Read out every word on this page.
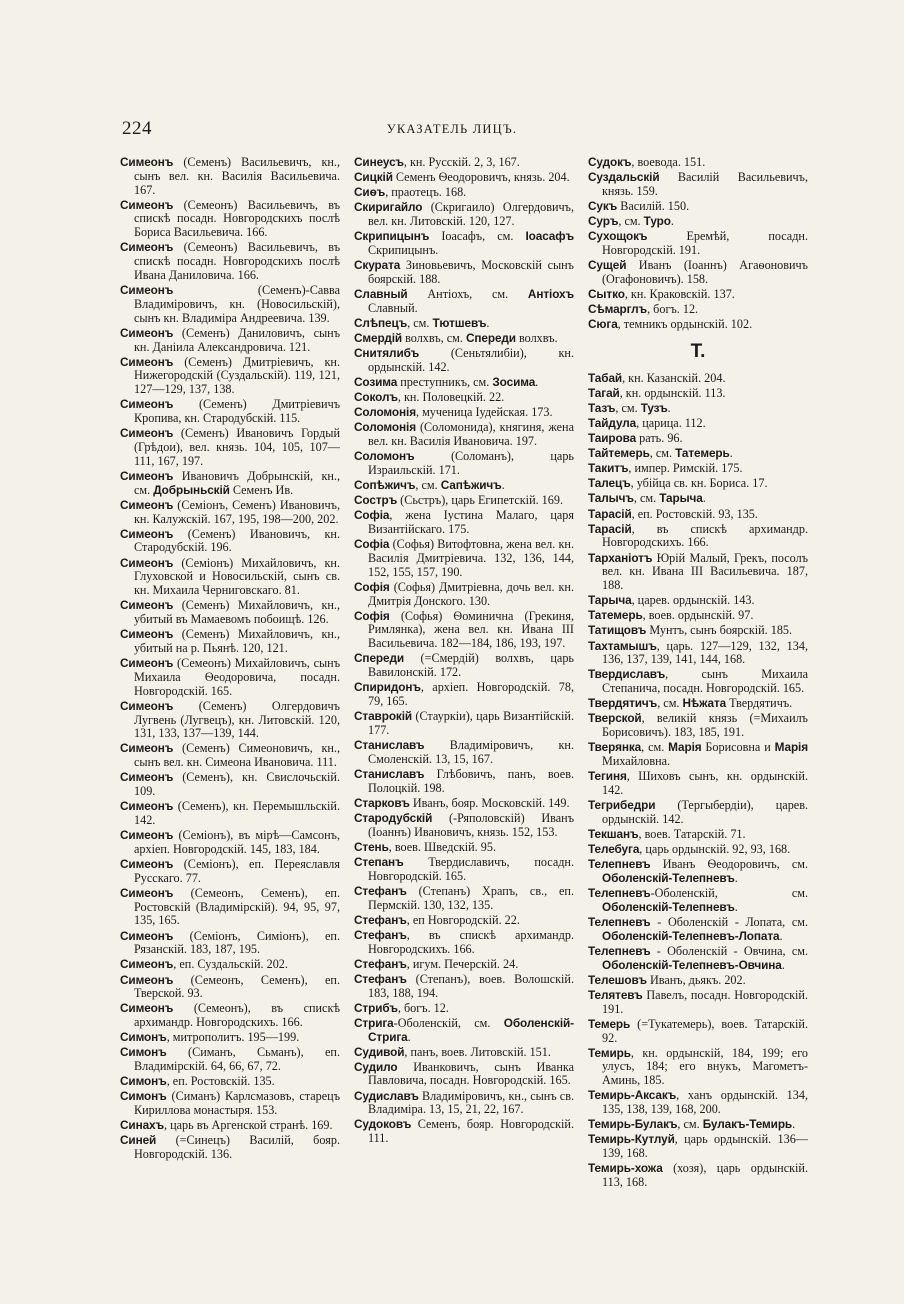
224	УКАЗАТЕЛЬ ЛИЦЪ.
Симеонъ (Семенъ) Васильевичъ, кн., сынъ вел. кн. Василія Васильевича. 167.
Симеонъ (Семеонъ) Васильевичъ, въ спискѣ посадн. Новгородскихъ послѣ Бориса Васильевича. 166.
Симеонъ (Семеонъ) Васильевичъ, въ спискѣ посадн. Новгородскихъ послѣ Ивана Даниловича. 166.
Симеонъ (Семенъ)-Савва Владиміровичъ, кн. (Новосильскій), сынъ кн. Владиміра Андреевича. 139.
Симеонъ (Семенъ) Даниловичъ, сынъ кн. Даніила Александровича. 121.
Симеонъ (Семенъ) Дмитріевичъ, кн. Нижегородскій (Суздальскій). 119, 121, 127—129, 137, 138.
Симеонъ (Семенъ) Дмитріевичъ Кропива, кн. Стародубскій. 115.
Симеонъ (Семенъ) Ивановичъ Гордый (Грѣдои), вел. князь. 104, 105, 107—111, 167, 197.
Симеонъ Ивановичъ Добрынскій, кн., см. Добрыньскій Семенъ Ив.
Симеонъ (Семіонъ, Семенъ) Ивановичъ, кн. Калужскій. 167, 195, 198—200, 202.
Симеонъ (Семенъ) Ивановичъ, кн. Стародубскій. 196.
Симеонъ (Семіонъ) Михайловичъ, кн. Глуховской и Новосильскій, сынъ св. кн. Михаила Черниговскаго. 81.
Симеонъ (Семенъ) Михайловичъ, кн., убитый въ Мамаевомъ побоищѣ. 126.
Симеонъ (Семенъ) Михайловичъ, кн., убитый на р. Пьянѣ. 120, 121.
Симеонъ (Семеонъ) Михайловичъ, сынъ Михаила Ѳеодоровича, посадн. Новгородскій. 165.
Симеонъ (Семенъ) Олгердовичъ Лугвень (Лугвецъ), кн. Литовскій. 120, 131, 133, 137—139, 144.
Симеонъ (Семенъ) Симеоновичъ, кн., сынъ вел. кн. Симеона Ивановича. 111.
Симеонъ (Семенъ), кн. Свислочьскій. 109.
Симеонъ (Семенъ), кн. Перемышльскій. 142.
Симеонъ (Семіонъ), въ мірѣ—Самсонъ, архіеп. Новгородскій. 145, 183, 184.
Симеонъ (Семіонъ), еп. Переяславля Русскаго. 77.
Симеонъ (Семеонъ, Семенъ), еп. Ростовскій (Владимірскій). 94, 95, 97, 135, 165.
Симеонъ (Семіонъ, Симіонъ), еп. Рязанскій. 183, 187, 195.
Симеонъ, еп. Суздальскій. 202.
Симеонъ (Семеонъ, Семенъ), еп. Тверской. 93.
Симеонъ (Семеонъ), въ спискѣ архимандр. Новгородскихъ. 166.
Симонъ, митрополитъ. 195—199.
Симонъ (Симанъ, Сьманъ), еп. Владимірскій. 64, 66, 67, 72.
Симонъ, еп. Ростовскій. 135.
Симонъ (Симанъ) Карлсмазовъ, старецъ Кириллова монастыря. 153.
Синахъ, царь въ Аргенской странѣ. 169.
Синей (=Синецъ) Василій, бояр. Новгородскій. 136.
Синеусъ, кн. Русскій. 2, 3, 167.
Сицкій Семенъ Ѳеодоровичъ, князь. 204.
Сиѳъ, праотецъ. 168.
Скиригайло (Скригаило) Олгердовичъ, вел. кн. Литовскій. 120, 127.
Скрипицынъ Іоасафъ, см. Іоасафъ Скрипицынъ.
Скурата Зиновьевичъ, Московскій сынъ боярскій. 188.
Славный Антіохъ, см. Антіохъ Славный.
Слѣпецъ, см. Тютшевъ.
Смердій волхвъ, см. Спереди волхвъ.
Снитялибъ (Сеньтялибiи), кн. ордынскій. 142.
Созима преступникъ, см. Зосима.
Соколъ, кн. Половецкій. 22.
Соломонія, мученица Іудейская. 173.
Соломонія (Соломонида), княгиня, жена вел. кн. Василія Ивановича. 197.
Соломонъ (Соломанъ), царь Израильскій. 171.
Сопѣжичъ, см. Сапѣжичъ.
Состръ (Сьстръ), царь Египетскій. 169.
Софіа, жена Іустина Малаго, царя Византійскаго. 175.
Софіа (Софья) Витофтовна, жена вел. кн. Василія Дмитріевича. 132, 136, 144, 152, 155, 157, 190.
Софія (Софья) Дмитріевна, дочь вел. кн. Дмитрія Донского. 130.
Софія (Софья) Ѳоминична (Грекиня, Римлянка), жена вел. кн. Ивана III Васильевича. 182—184, 186, 193, 197.
Спереди (=Смердій) волхвъ, царь Вавилонскій. 172.
Спиридонъ, архіеп. Новгородскій. 78, 79, 165.
Ставрокій (Стауркіи), царь Византійскій. 177.
Станиславъ Владиміровичъ, кн. Смоленскій. 13, 15, 167.
Станиславъ Глѣбовичъ, панъ, воев. Полоцкій. 198.
Старковъ Иванъ, бояр. Московскій. 149.
Стародубскій (-Ряполовскій) Иванъ (Іоаннъ) Ивановичъ, князь. 152, 153.
Стень, воев. Шведскій. 95.
Степанъ Твердиславичъ, посадн. Новгородскій. 165.
Стефанъ (Степанъ) Храпъ, св., еп. Пермскій. 130, 132, 135.
Стефанъ, еп Новгородскій. 22.
Стефанъ, въ спискѣ архимандр. Новгородскихъ. 166.
Стефанъ, игум. Печерскій. 24.
Стефанъ (Степанъ), воев. Волошскій. 183, 188, 194.
Стрибъ, богъ. 12.
Стрига-Оболенскій, см. Оболенскій-Стрига.
Судивой, панъ, воев. Литовскій. 151.
Судило Иванковичъ, сынъ Иванка Павловича, посадн. Новгородскій. 165.
Судиславъ Владиміровичъ, кн., сынъ св. Владиміра. 13, 15, 21, 22, 167.
Судоковъ Семенъ, бояр. Новгородскій. 111.
Судокъ, воевода. 151.
Суздальскій Василій Васильевичъ, князь. 159.
Сукъ Василій. 150.
Суръ, см. Туро.
Сухощокъ Еремѣй, посадн. Новгородскій. 191.
Сущей Иванъ (Іоаннъ) Агаѳоновичъ (Огафоновичъ). 158.
Сытко, кн. Краковскій. 137.
Сѣмарглъ, богъ. 12.
Сюга, темникъ ордынскій. 102.
Т.
Табай, кн. Казанскій. 204.
Тагай, кн. ордынскій. 113.
Тазъ, см. Тузъ.
Тайдула, царица. 112.
Таирова рать. 96.
Тайтемерь, см. Татемерь.
Такитъ, импер. Римскій. 175.
Талецъ, убійца св. кн. Бориса. 17.
Талычъ, см. Тарыча.
Тарасій, еп. Ростовскій. 93, 135.
Тарасій, въ спискѣ архимандр. Новгородскихъ. 166.
Тарханіотъ Юрій Малый, Грекъ, посолъ вел. кн. Ивана III Васильевича. 187, 188.
Тарыча, царев. ордынскій. 143.
Татемерь, воев. ордынскій. 97.
Татищовъ Мунтъ, сынъ боярскій. 185.
Тахтамышъ, царь. 127—129, 132, 134, 136, 137, 139, 141, 144, 168.
Твердиславъ, сынъ Михаила Степанича, посадн. Новгородскій. 165.
Твердятичъ, см. Нѣжата Твердятичъ.
Тверской, великій князь (=Михаилъ Борисовичъ). 183, 185, 191.
Тверянка, см. Марія Борисовна и Марія Михайловна.
Тегиня, Шиховъ сынъ, кн. ордынскій. 142.
Тегрибедри (Тергыбердіи), царев. ордынскій. 142.
Текшанъ, воев. Татарскій. 71.
Телебуга, царь ордынскій. 92, 93, 168.
Телепневъ Иванъ Ѳеодоровичъ, см. Оболенскій-Телепневъ.
Телепневъ-Оболенскій, см. Оболенскій-Телепневъ.
Телепневъ - Оболенскій - Лопата, см. Оболенскій-Телепневъ-Лопата.
Телепневъ - Оболенскій - Овчина, см. Оболенскій-Телепневъ-Овчина.
Телешовъ Иванъ, дьякъ. 202.
Телятевъ Павелъ, посадн. Новгородскій. 191.
Темерь (=Тукатемерь), воев. Татарскій. 92.
Темирь, кн. ордынскій, 184, 199; его улусъ, 184; его внукъ, Магометъ-Аминь, 185.
Темирь-Аксакъ, ханъ ордынскій. 134, 135, 138, 139, 168, 200.
Темирь-Булакъ, см. Булакъ-Темирь.
Темирь-Кутлуй, царь ордынскій. 136—139, 168.
Темирь-хожа (хозя), царь ордынскій. 113, 168.
